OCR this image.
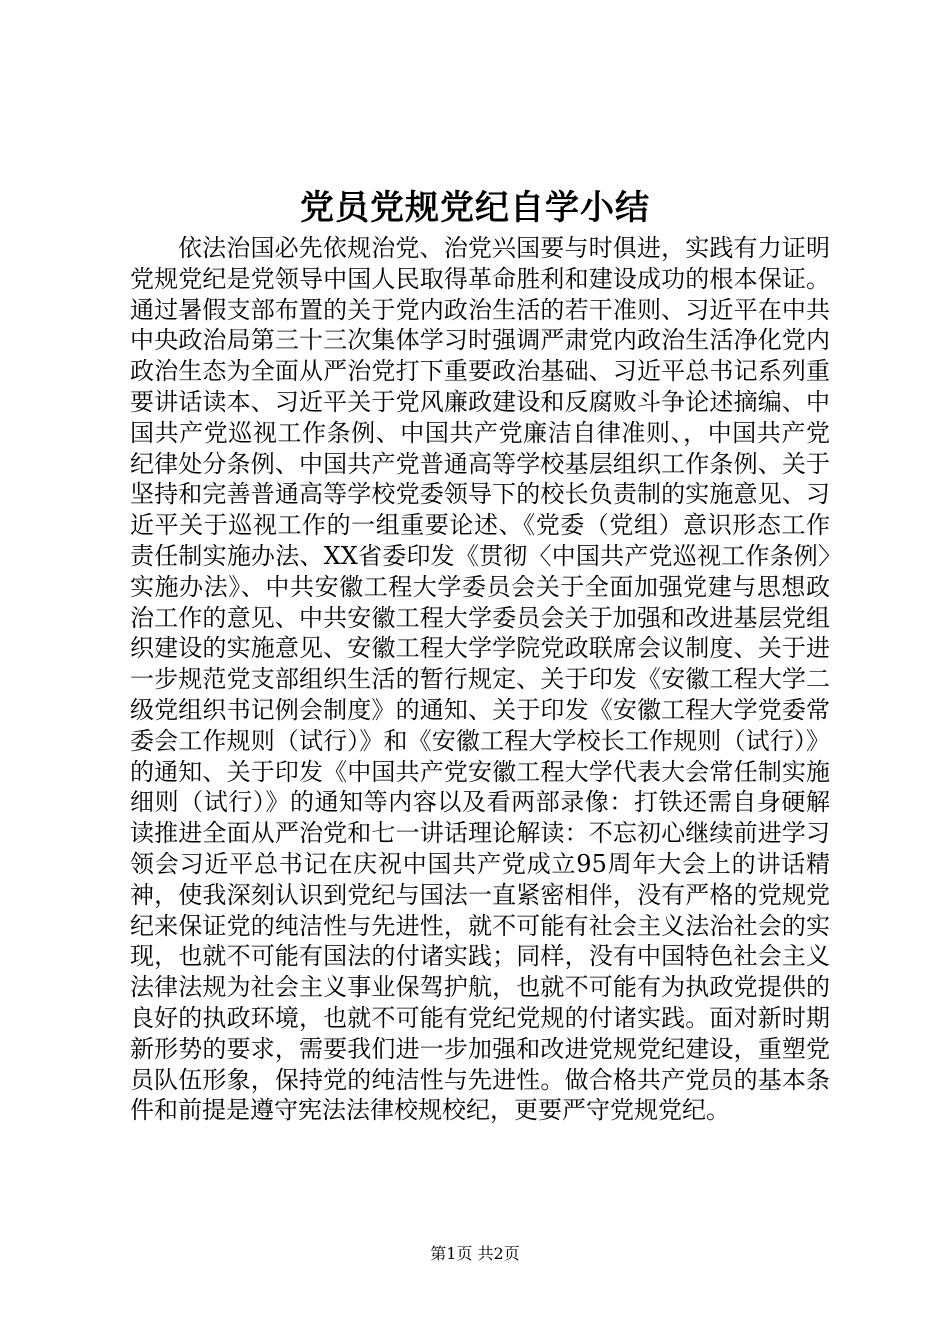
党员党规党纪自学小结

依法治国必先依规治党、治党兴国要与时俱进，实践有力证明党规党纪是党领导中国人民取得革命胜利和建设成功的根本保证。通过暑假支部布置的关于党内政治生活的若干准则、习近平在中共中央政治局第三十三次集体学习时强调严肃党内政治生活净化党内政治生态为全面从严治党打下重要政治基础、习近平总书记系列重要讲话读本、习近平关于党风廉政建设和反腐败斗争论述摘编、中国共产党巡视工作条例、中国共产党廉洁自律准则、，中国共产党纪律处分条例、中国共产党普通高等学校基层组织工作条例、关于坚持和完善普通高等学校党委领导下的校长负责制的实施意见、习近平关于巡视工作的一组重要论述、《党委（党组）意识形态工作责任制实施办法、XX省委印发《贯彻〈中国共产党巡视工作条例〉实施办法》、中共安徽工程大学委员会关于全面加强党建与思想政治工作的意见、中共安徽工程大学委员会关于加强和改进基层党组织建设的实施意见、安徽工程大学学院党政联席会议制度、关于进一步规范党支部组织生活的暂行规定、关于印发《安徽工程大学二级党组织书记例会制度》的通知、关于印发《安徽工程大学党委常委会工作规则（试行）》和《安徽工程大学校长工作规则（试行）》的通知、关于印发《中国共产党安徽工程大学代表大会常任制实施细则（试行）》的通知等内容以及看两部录像：打铁还需自身硬解读推进全面从严治党和七一讲话理论解读：不忘初心继续前进学习领会习近平总书记在庆祝中国共产党成立95周年大会上的讲话精神，使我深刻认识到党纪与国法一直紧密相伴，没有严格的党规党纪来保证党的纯洁性与先进性，就不可能有社会主义法治社会的实现，也就不可能有国法的付诸实践；同样，没有中国特色社会主义法律法规为社会主义事业保驾护航，也就不可能有为执政党提供的良好的执政环境，也就不可能有党纪党规的付诸实践。面对新时期新形势的要求，需要我们进一步加强和改进党规党纪建设，重塑党员队伍形象，保持党的纯洁性与先进性。做合格共产党员的基本条件和前提是遵守宪法法律校规校纪，更要严守党规党纪。

第1页 共2页
